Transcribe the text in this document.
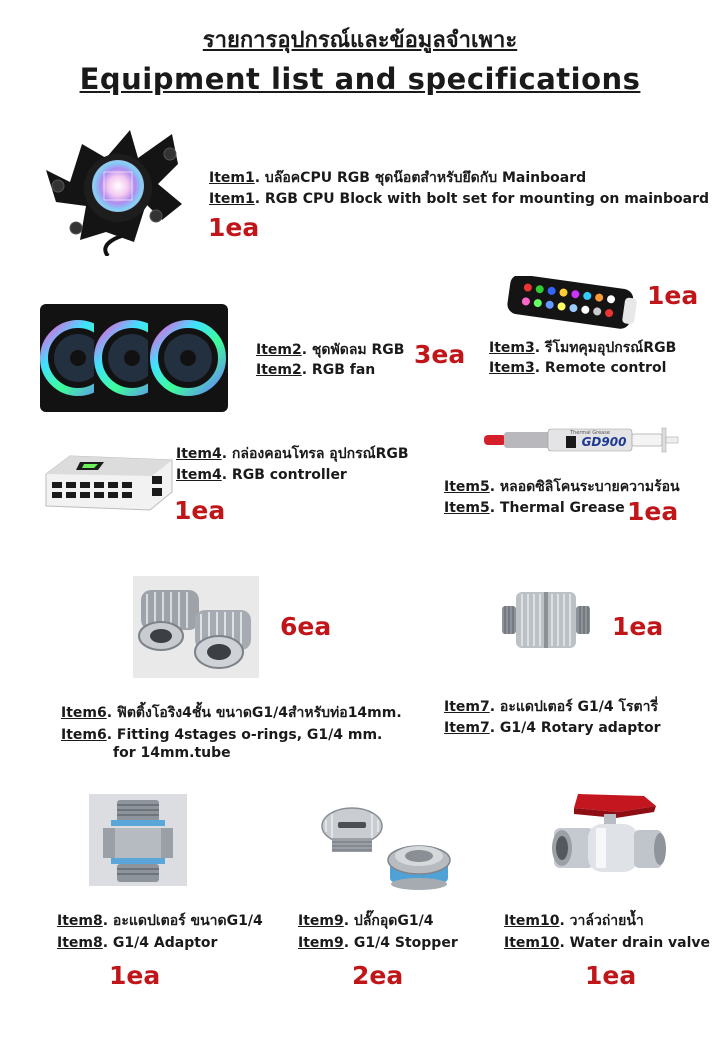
รายการอุปกรณ์และข้อมูลจำเพาะ
Equipment list and specifications
Item1. บล๊อคCPU RGB ชุดน๊อตสำหรับยึดกับ Mainboard
Item1. RGB CPU Block with bolt set for mounting on mainboard
1ea
Item2. ชุดพัดลม RGB
Item2. RGB fan
3ea
1ea
Item3. รีโมทคุมอุปกรณ์RGB
Item3. Remote control
Item4. กล่องคอนโทรล อุปกรณ์RGB
Item4. RGB controller
1ea
Thermal Grease
GD900
Item5. หลอดซิลิโคนระบายความร้อน
Item5. Thermal Grease 1ea
6ea
Item6. ฟิตติ้งโอริง4ชั้น ขนาดG1/4สำหรับท่อ14mm.
Item6. Fitting 4stages o-rings, G1/4 mm.
for 14mm.tube
1ea
Item7. อะแดปเตอร์ G1/4 โรตารี่
Item7. G1/4 Rotary adaptor
Item8. อะแดปเตอร์ ขนาดG1/4
Item8. G1/4 Adaptor
1ea
Item9. ปลั๊กอุดG1/4
Item9. G1/4 Stopper
2ea
Item10. วาล์วถ่ายน้ำ
Item10. Water drain valve
1ea
